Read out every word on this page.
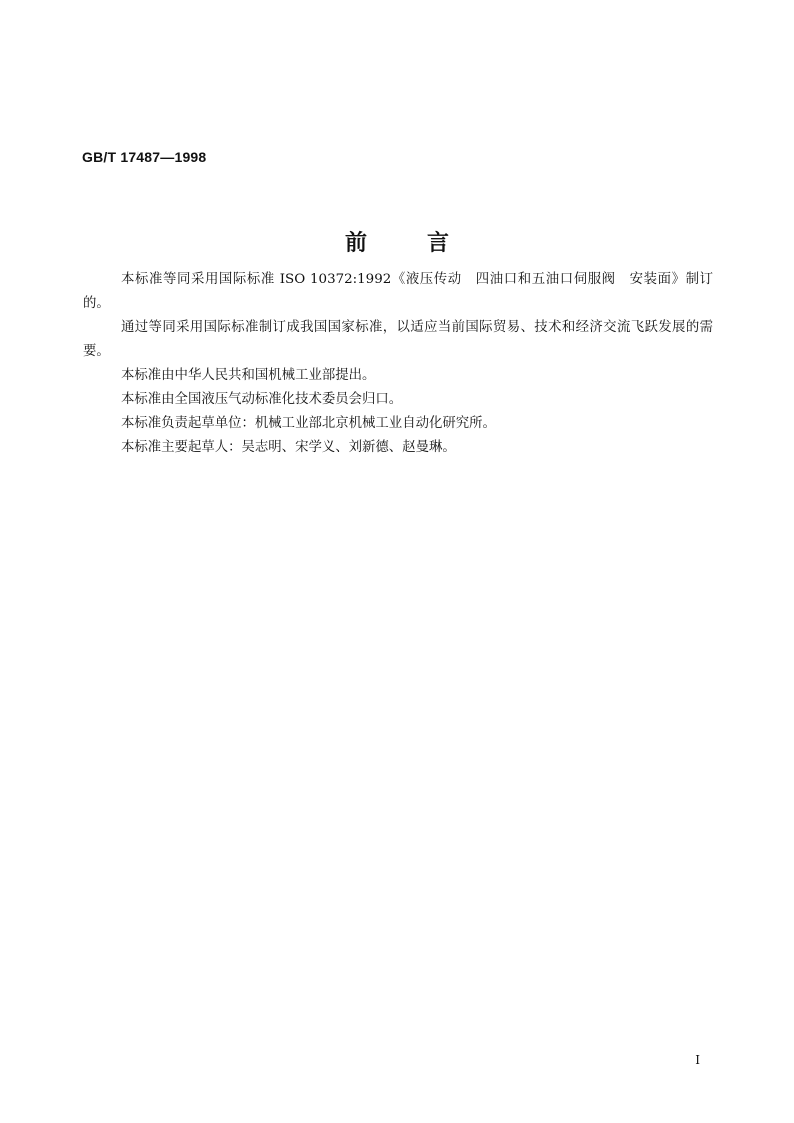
GB/T 17487—1998
前言

本标准等同采用国际标准 ISO 10372:1992《液压传动　四油口和五油口伺服阀　安装面》制订的。

通过等同采用国际标准制订成我国国家标准，以适应当前国际贸易、技术和经济交流飞跃发展的需要。

本标准由中华人民共和国机械工业部提出。

本标准由全国液压气动标准化技术委员会归口。

本标准负责起草单位：机械工业部北京机械工业自动化研究所。

本标准主要起草人：吴志明、宋学义、刘新德、赵曼琳。

I
